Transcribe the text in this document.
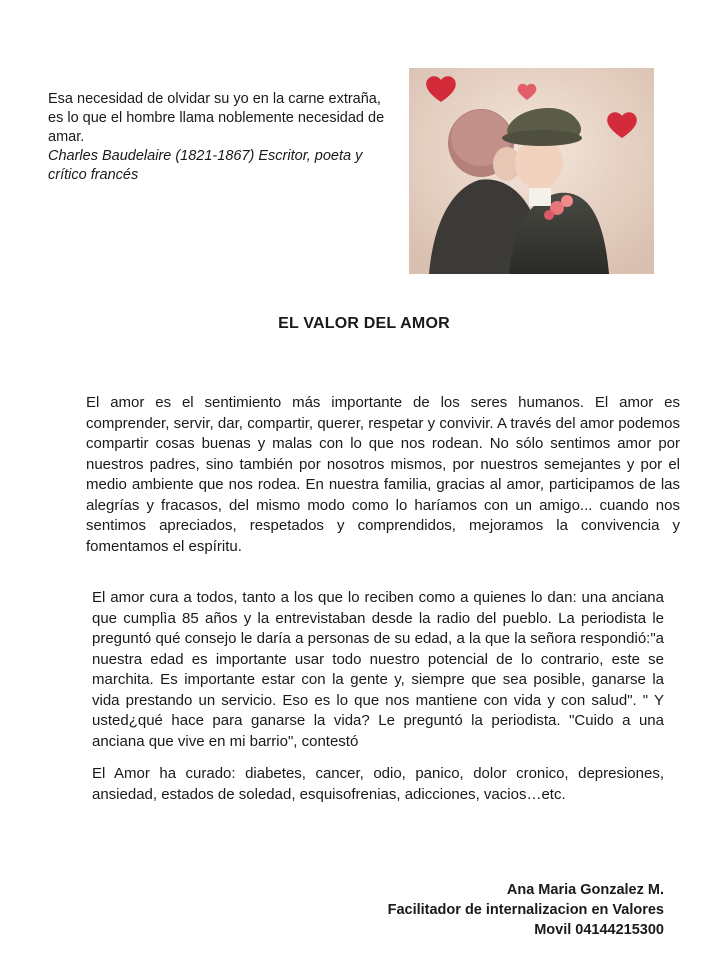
Esa necesidad de olvidar su yo en la carne extraña, es lo que el hombre llama noblemente necesidad de amar.
Charles Baudelaire (1821-1867) Escritor, poeta y crítico francés
EL VALOR DEL AMOR

El amor es el sentimiento más importante de los seres humanos. El amor es comprender, servir, dar, compartir, querer, respetar y convivir. A través del amor podemos compartir cosas buenas y malas con lo que nos rodean. No sólo sentimos amor por nuestros padres, sino también por nosotros mismos, por nuestros semejantes y por el medio ambiente que nos rodea. En nuestra familia, gracias al amor, participamos de las alegrías y fracasos, del mismo modo como lo haríamos con un amigo... cuando nos sentimos apreciados, respetados y comprendidos, mejoramos la convivencia y fomentamos el espíritu.

El amor cura a todos, tanto a los que lo reciben como a quienes lo dan: una anciana que cumplìa 85 años y la entrevistaban desde la radio del pueblo. La periodista le preguntó qué consejo le daría a personas de su edad, a la que la señora respondió:"a nuestra edad es importante usar todo nuestro potencial de lo contrario, este se marchita. Es importante estar con la gente y, siempre que sea posible, ganarse la vida prestando un servicio. Eso es lo que nos mantiene con vida y con salud". " Y usted¿qué hace para ganarse la vida? Le preguntó la periodista. "Cuido a una anciana que vive en mi barrio", contestó

El Amor ha curado: diabetes, cancer, odio, panico, dolor cronico, depresiones, ansiedad, estados de soledad, esquisofrenias, adicciones, vacios…etc.

Ana Maria Gonzalez M.
Facilitador de internalizacion en Valores
Movil 04144215300
